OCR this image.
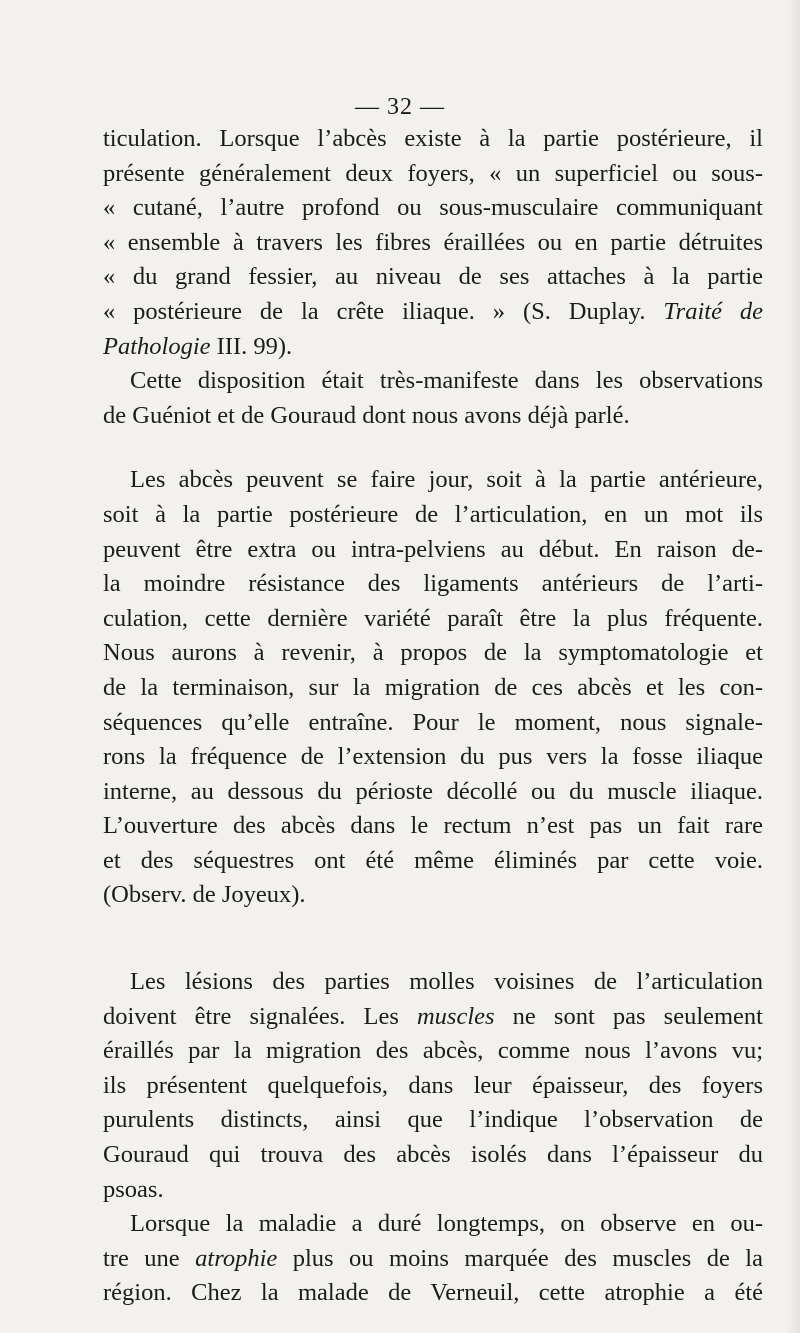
— 32 —
ticulation. Lorsque l’abcès existe à la partie postérieure, il
présente généralement deux foyers, « un superficiel ou sous-
« cutané, l’autre profond ou sous-musculaire communiquant
« ensemble à travers les fibres éraillées ou en partie détruites
« du grand fessier, au niveau de ses attaches à la partie
« postérieure de la crête iliaque. » (S. Duplay. Traité de
Pathologie III. 99).
Cette disposition était très-manifeste dans les observations
de Guéniot et de Gouraud dont nous avons déjà parlé.
Les abcès peuvent se faire jour, soit à la partie antérieure,
soit à la partie postérieure de l’articulation, en un mot ils
peuvent être extra ou intra-pelviens au début. En raison de-
la moindre résistance des ligaments antérieurs de l’arti-
culation, cette dernière variété paraît être la plus fréquente.
Nous aurons à revenir, à propos de la symptomatologie et
de la terminaison, sur la migration de ces abcès et les con-
séquences qu’elle entraîne. Pour le moment, nous signale-
rons la fréquence de l’extension du pus vers la fosse iliaque
interne, au dessous du périoste décollé ou du muscle iliaque.
L’ouverture des abcès dans le rectum n’est pas un fait rare
et des séquestres ont été même éliminés par cette voie.
(Observ. de Joyeux).
Les lésions des parties molles voisines de l’articulation
doivent être signalées. Les muscles ne sont pas seulement
éraillés par la migration des abcès, comme nous l’avons vu;
ils présentent quelquefois, dans leur épaisseur, des foyers
purulents distincts, ainsi que l’indique l’observation de
Gouraud qui trouva des abcès isolés dans l’épaisseur du
psoas.
Lorsque la maladie a duré longtemps, on observe en ou-
tre une atrophie plus ou moins marquée des muscles de la
région. Chez la malade de Verneuil, cette atrophie a été
